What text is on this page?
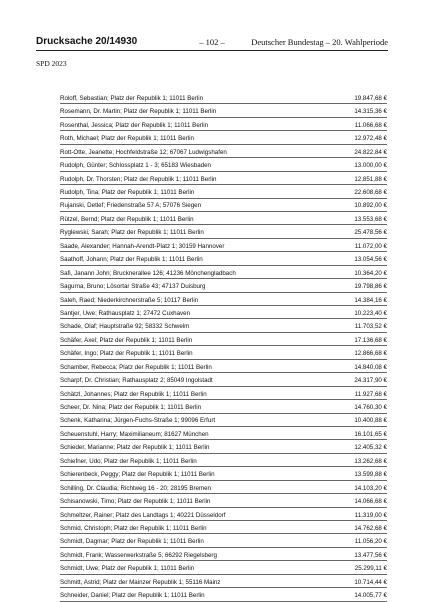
Drucksache 20/14930	– 102 –	Deutscher Bundestag – 20. Wahlperiode
SPD 2023
Roloff, Sebastian; Platz der Republik 1; 11011 Berlin	19.847,68 €
Rosemann, Dr. Martin; Platz der Republik 1; 11011 Berlin	14.315,36 €
Rosenthal, Jessica; Platz der Republik 1; 11011 Berlin	11.066,68 €
Roth, Michael; Platz der Republik 1; 11011 Berlin	12.972,48 €
Rott-Otte, Jeanette; Hochfeldstraße 12; 67067 Ludwigshafen	24.822,84 €
Rudolph, Günter; Schlossplatz 1 - 3; 65183 Wiesbaden	13.000,00 €
Rudolph, Dr. Thorsten; Platz der Republik 1; 11011 Berlin	12.851,88 €
Rudolph, Tina; Platz der Republik 1; 11011 Berlin	22.608,68 €
Rujanski, Detlef; Friedenstraße 57 A; 57076 Siegen	10.892,00 €
Rützel, Bernd; Platz der Republik 1; 11011 Berlin	13.553,68 €
Ryglewski, Sarah; Platz der Republik 1; 11011 Berlin	25.478,56 €
Saade, Alexander; Hannah-Arendt-Platz 1; 30159 Hannover	11.072,00 €
Saathoff, Johann; Platz der Republik 1; 11011 Berlin	13.054,56 €
Safi, Janann John; Brucknerallee 126; 41236 Mönchengladbach	10.364,20 €
Sagurna, Bruno; Lösortar Straße 43; 47137 Duisburg	19.798,86 €
Saleh, Raed; Niederkirchnerstraße 5; 10117 Berlin	14.384,16 €
Santjer, Uwe; Rathausplatz 1; 27472 Cuxhaven	10.223,40 €
Schade, Olaf; Hauptstraße 92; 58332 Schwelm	11.703,52 €
Schäfer, Axel; Platz der Republik 1; 11011 Berlin	17.136,68 €
Schäfer, Ingo; Platz der Republik 1; 11011 Berlin	12.866,68 €
Schamber, Rebecca; Platz der Republik 1; 11011 Berlin	14.840,08 €
Scharpf, Dr. Christian; Rathausplatz 2; 85049 Ingolstadt	24.317,90 €
Schätzl, Johannes; Platz der Republik 1; 11011 Berlin	11.927,68 €
Scheer, Dr. Nina; Platz der Republik 1; 11011 Berlin	14.760,30 €
Schenk, Katharina; Jürgen-Fuchs-Straße 1; 99096 Erfurt	10.400,88 €
Scheuenstuhl, Harry; Maximilianeum; 81627 München	16.101,65 €
Schieder, Marianne; Platz der Republik 1; 11011 Berlin	12.405,32 €
Schiefner, Udo; Platz der Republik 1; 11011 Berlin	13.262,68 €
Schierenbeck, Peggy; Platz der Republik 1; 11011 Berlin	13.599,88 €
Schilling, Dr. Claudia; Richtweg 16 - 20; 28195 Bremen	14.103,20 €
Schisanowski, Timo; Platz der Republik 1; 11011 Berlin	14.066,68 €
Schmeltzer, Rainer; Platz des Landtags 1; 40221 Düsseldorf	11.319,00 €
Schmid, Christoph; Platz der Republik 1; 11011 Berlin	14.762,68 €
Schmidt, Dagmar; Platz der Republik 1; 11011 Berlin	11.056,20 €
Schmidt, Frank; Wasserwerkstraße 5; 66292 Riegelsberg	13.477,56 €
Schmidt, Uwe; Platz der Republik 1; 11011 Berlin	25.299,11 €
Schmitt, Astrid; Platz der Mainzer Republik 1; 55116 Mainz	10.714,44 €
Schneider, Daniel; Platz der Republik 1; 11011 Berlin	14.005,77 €
